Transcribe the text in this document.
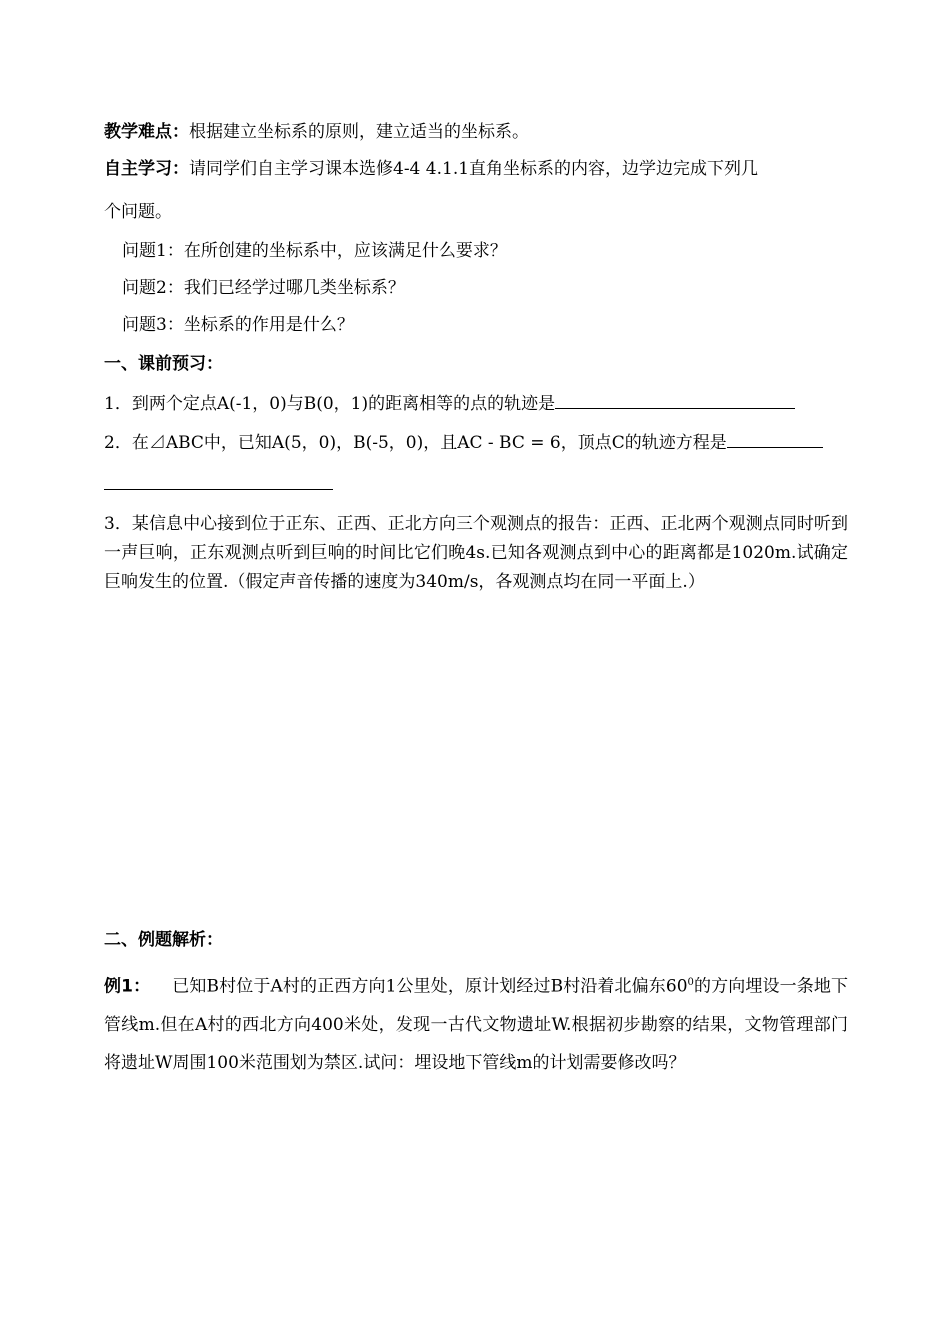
教学难点：根据建立坐标系的原则，建立适当的坐标系。
自主学习：请同学们自主学习课本选修4-4 4.1.1直角坐标系的内容，边学边完成下列几
个问题。
问题1：在所创建的坐标系中，应该满足什么要求？
问题2：我们已经学过哪几类坐标系？
问题3：坐标系的作用是什么？
一、课前预习：
1．到两个定点A(-1，0)与B(0，1)的距离相等的点的轨迹是
2．在⊿ABC中，已知A(5，0)，B(-5，0)，且AC - BC = 6，顶点C的轨迹方程是
3．某信息中心接到位于正东、正西、正北方向三个观测点的报告：正西、正北两个观测点同时听到一声巨响，正东观测点听到巨响的时间比它们晚4s.已知各观测点到中心的距离都是1020m.试确定巨响发生的位置.（假定声音传播的速度为340m/s，各观测点均在同一平面上.）
二、例题解析：
例1： 已知B村位于A村的正西方向1公里处，原计划经过B村沿着北偏东$60^0$的方向埋设一条地下管线m.但在A村的西北方向400米处，发现一古代文物遗址W.根据初步勘察的结果，文物管理部门将遗址W周围100米范围划为禁区.试问：埋设地下管线m的计划需要修改吗？
